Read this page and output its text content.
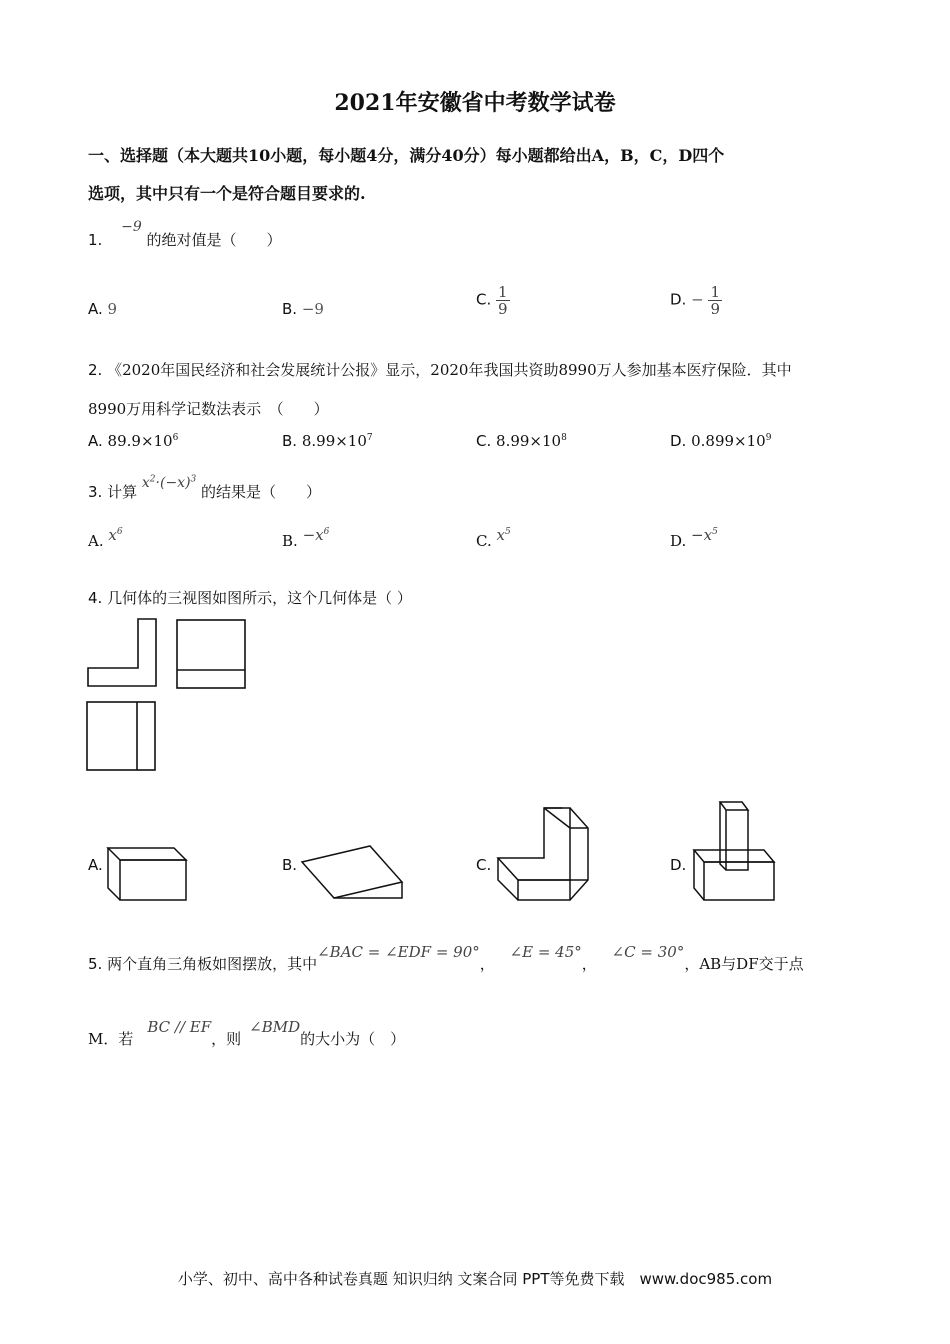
2021年安徽省中考数学试卷
一、选择题（本大题共10小题，每小题4分，满分40分）每小题都给出A，B，C，D四个
选项，其中只有一个是符合题目要求的.
1. −9 的绝对值是（　　）
A. 9	B. −9
C. $\frac{1}{9}$	D. − $\frac{1}{9}$
2. 《2020年国民经济和社会发展统计公报》显示，2020年我国共资助8990万人参加基本医疗保险．其中
8990万用科学记数法表示　（　　）
A. $89.9\times 10^6$	B. $8.99\times 10^7$	C. $8.99\times 10^8$	D. $0.899\times 10^9$
3. 计算 $x^2\cdot(-x)^3$ 的结果是（　　）
A. $x^6$	B. $-x^6$	C. $x^5$	D. $-x^5$
4. 几何体的三视图如图所示，这个几何体是（ ）
A.	B.	C.	D.
5. 两个直角三角板如图摆放，其中∠BAC = ∠EDF = 90°， ∠E = 45°， ∠C = 30°，AB与DF交于点
M．若BC // EF，则∠BMD的大小为（　）
小学、初中、高中各种试卷真题 知识归纳 文案合同 PPT等免费下载　www.doc985.com
